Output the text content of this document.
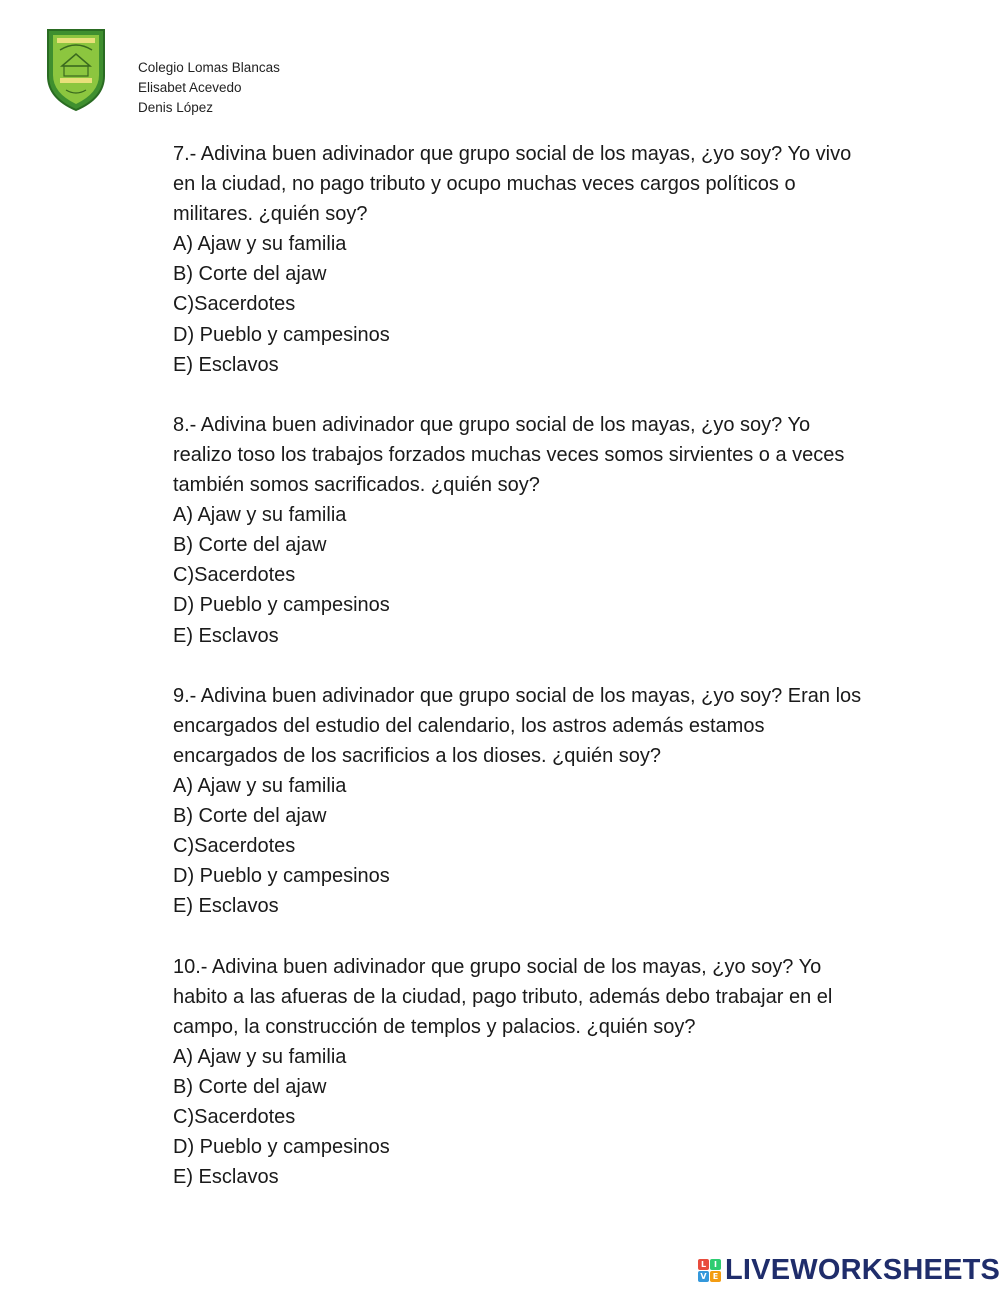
Colegio Lomas Blancas
Elisabet Acevedo
Denis López
7.- Adivina buen adivinador que grupo social de los mayas, ¿yo soy? Yo vivo en la ciudad, no pago tributo y ocupo muchas veces cargos políticos o militares. ¿quién soy?
A) Ajaw y su familia
B) Corte del ajaw
C)Sacerdotes
D) Pueblo y campesinos
E) Esclavos
8.- Adivina buen adivinador que grupo social de los mayas, ¿yo soy? Yo realizo toso los trabajos forzados muchas veces somos sirvientes o a veces también somos sacrificados. ¿quién soy?
A) Ajaw y su familia
B) Corte del ajaw
C)Sacerdotes
D) Pueblo y campesinos
E) Esclavos
9.- Adivina buen adivinador que grupo social de los mayas, ¿yo soy? Eran los encargados del estudio del calendario, los astros además estamos encargados de los sacrificios a los dioses. ¿quién soy?
A) Ajaw y su familia
B) Corte del ajaw
C)Sacerdotes
D) Pueblo y campesinos
E) Esclavos
10.- Adivina buen adivinador que grupo social de los mayas, ¿yo soy? Yo habito a las afueras de la ciudad, pago tributo, además debo trabajar en el campo, la construcción de templos y palacios. ¿quién soy?
A) Ajaw y su familia
B) Corte del ajaw
C)Sacerdotes
D) Pueblo y campesinos
E) Esclavos
L I
V E LIVEWORKSHEETS
